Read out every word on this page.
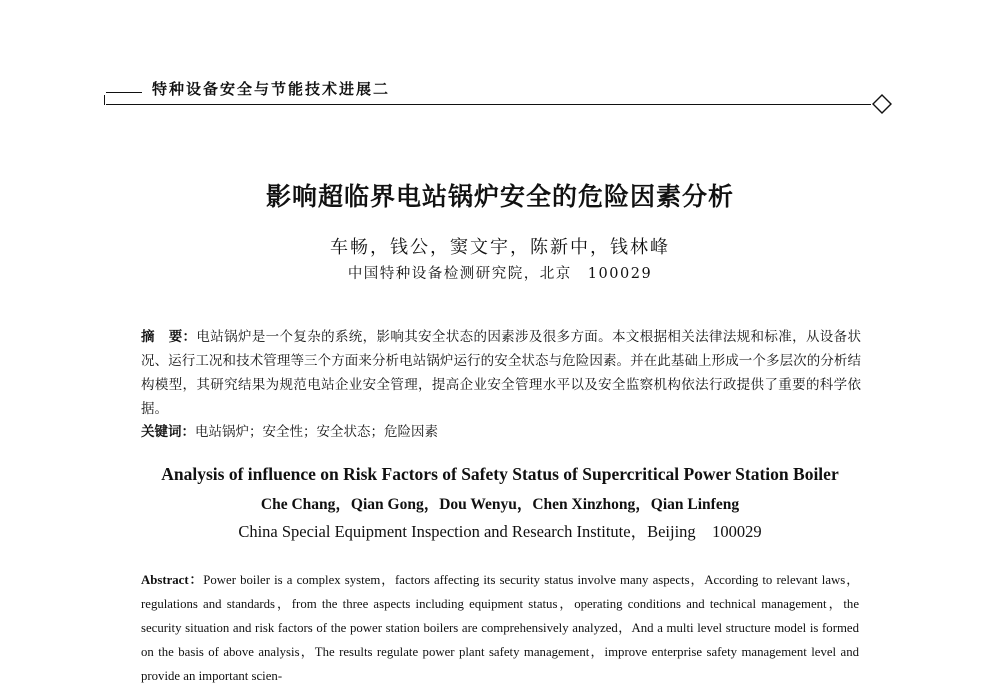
特种设备安全与节能技术进展二
影响超临界电站锅炉安全的危险因素分析
车畅，钱公，窦文宇，陈新中，钱林峰
中国特种设备检测研究院，北京　100029
摘　要：电站锅炉是一个复杂的系统，影响其安全状态的因素涉及很多方面。本文根据相关法律法规和标准，从设备状况、运行工况和技术管理等三个方面来分析电站锅炉运行的安全状态与危险因素。并在此基础上形成一个多层次的分析结构模型，其研究结果为规范电站企业安全管理，提高企业安全管理水平以及安全监察机构依法行政提供了重要的科学依据。
关键词：电站锅炉；安全性；安全状态；危险因素
Analysis of influence on Risk Factors of Safety Status of Supercritical Power Station Boiler
Che Chang，Qian Gong，Dou Wenyu，Chen Xinzhong，Qian Linfeng
China Special Equipment Inspection and Research Institute，Beijing　100029
Abstract：Power boiler is a complex system，factors affecting its security status involve many aspects，According to relevant laws，regulations and standards，from the three aspects including equipment status，operating conditions and technical management，the security situation and risk factors of the power station boilers are comprehensively analyzed，And a multi level structure model is formed on the basis of above analysis，The results regulate power plant safety management，improve enterprise safety management level and provide an important scien-
